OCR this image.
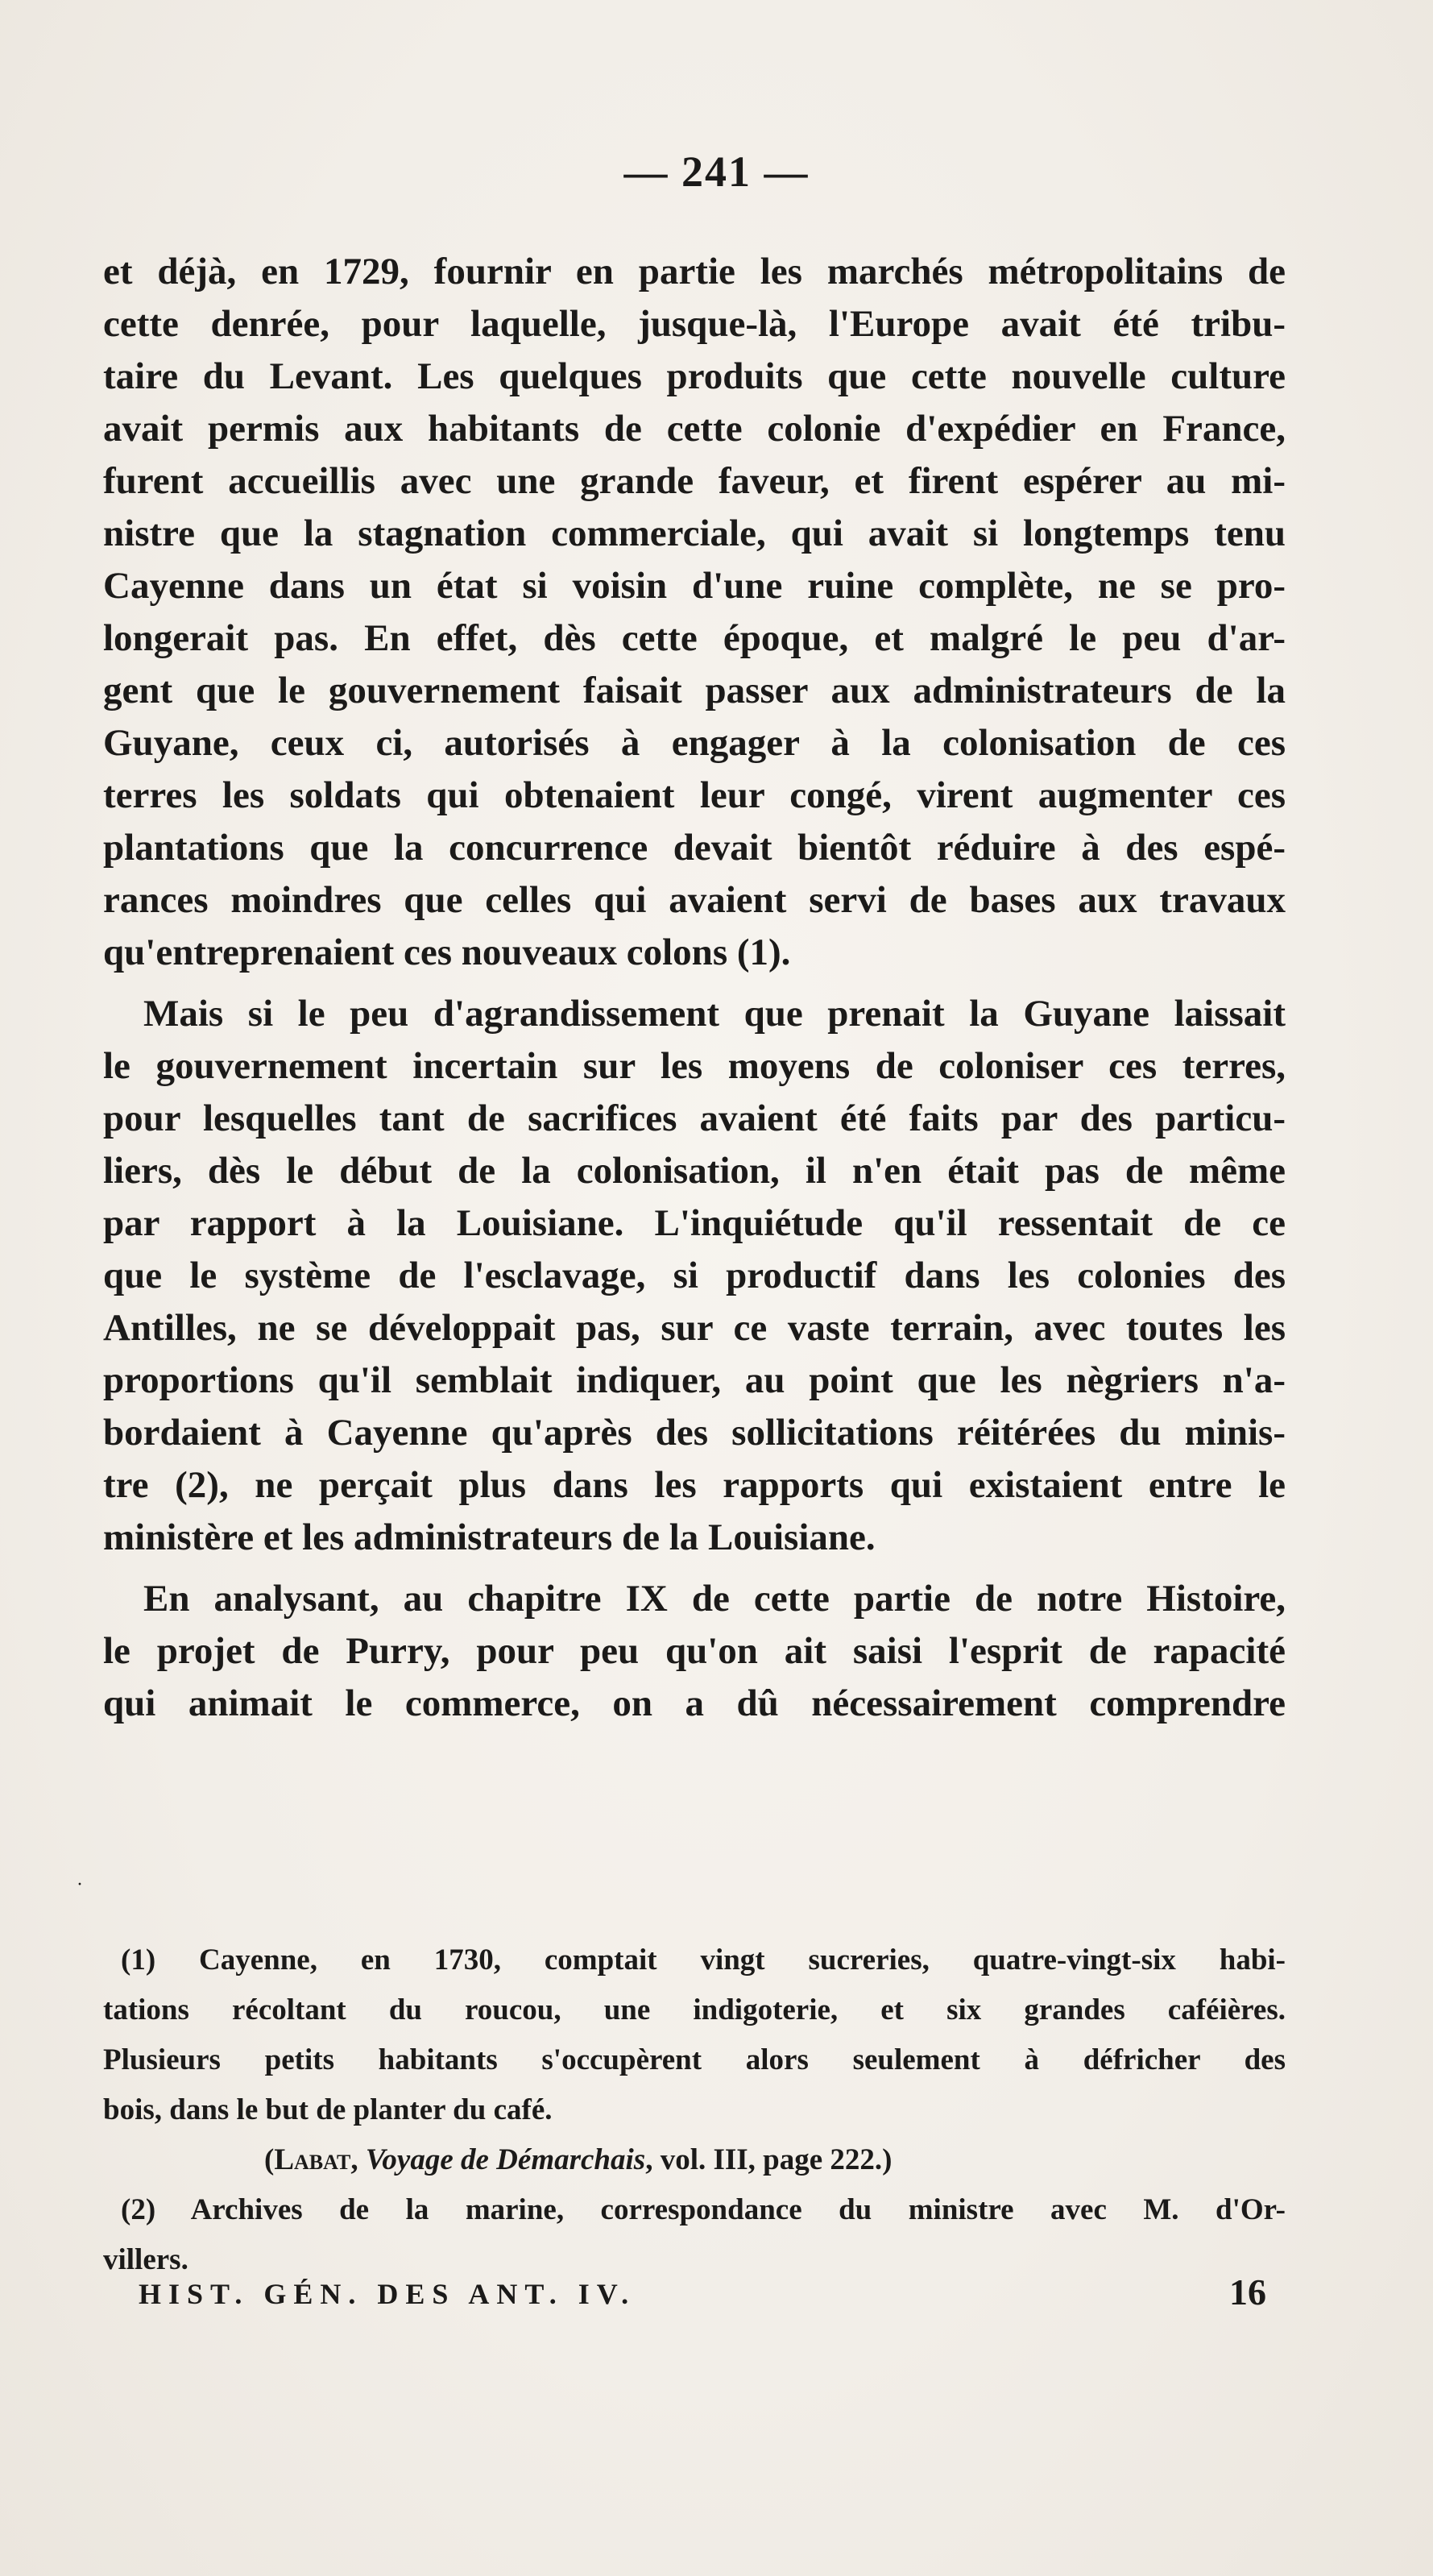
— 241 —
et déjà, en 1729, fournir en partie les marchés métropolitains de
cette denrée, pour laquelle, jusque-là, l'Europe avait été tribu-
taire du Levant. Les quelques produits que cette nouvelle culture
avait permis aux habitants de cette colonie d'expédier en France,
furent accueillis avec une grande faveur, et firent espérer au mi-
nistre que la stagnation commerciale, qui avait si longtemps tenu
Cayenne dans un état si voisin d'une ruine complète, ne se pro-
longerait pas. En effet, dès cette époque, et malgré le peu d'ar-
gent que le gouvernement faisait passer aux administrateurs de la
Guyane, ceux ci, autorisés à engager à la colonisation de ces
terres les soldats qui obtenaient leur congé, virent augmenter ces
plantations que la concurrence devait bientôt réduire à des espé-
rances moindres que celles qui avaient servi de bases aux travaux
qu'entreprenaient ces nouveaux colons (1).
Mais si le peu d'agrandissement que prenait la Guyane laissait
le gouvernement incertain sur les moyens de coloniser ces terres,
pour lesquelles tant de sacrifices avaient été faits par des particu-
liers, dès le début de la colonisation, il n'en était pas de même
par rapport à la Louisiane. L'inquiétude qu'il ressentait de ce
que le système de l'esclavage, si productif dans les colonies des
Antilles, ne se développait pas, sur ce vaste terrain, avec toutes les
proportions qu'il semblait indiquer, au point que les nègriers n'a-
bordaient à Cayenne qu'après des sollicitations réitérées du minis-
tre (2), ne perçait plus dans les rapports qui existaient entre le
ministère et les administrateurs de la Louisiane.
En analysant, au chapitre IX de cette partie de notre Histoire,
le projet de Purry, pour peu qu'on ait saisi l'esprit de rapacité
qui animait le commerce, on a dû nécessairement comprendre
·
(1) Cayenne, en 1730, comptait vingt sucreries, quatre-vingt-six habi-
tations récoltant du roucou, une indigoterie, et six grandes caféières.
Plusieurs petits habitants s'occupèrent alors seulement à défricher des
bois, dans le but de planter du café.
(Labat, Voyage de Démarchais, vol. III, page 222.)
(2) Archives de la marine, correspondance du ministre avec M. d'Or-
villers.
HIST. GÉN. DES ANT. IV.	16
